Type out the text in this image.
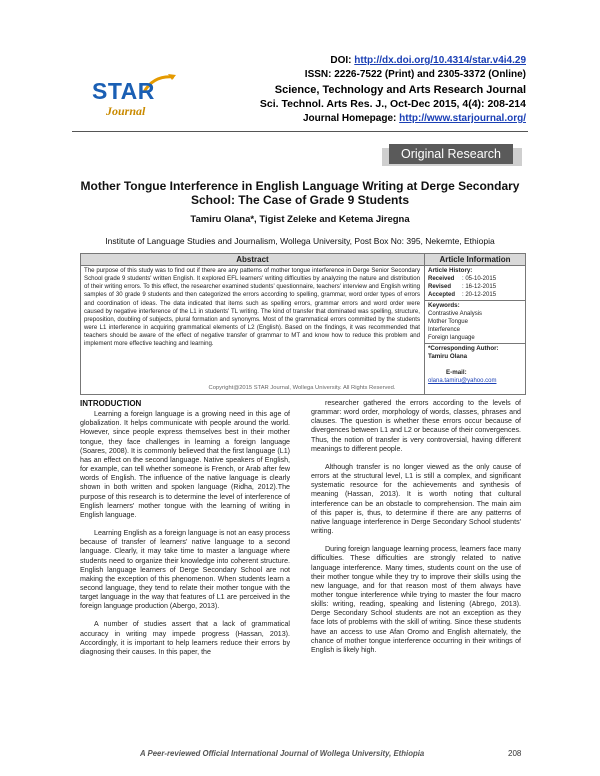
STAR
Journal
DOI: http://dx.doi.org/10.4314/star.v4i4.29
ISSN: 2226-7522 (Print) and 2305-3372 (Online)
Science, Technology and Arts Research Journal
Sci. Technol. Arts Res. J., Oct-Dec 2015, 4(4): 208-214
Journal Homepage: http://www.starjournal.org/
Original Research
Mother Tongue Interference in English Language Writing at Derge Secondary School: The Case of Grade 9 Students
Tamiru Olana*, Tigist Zeleke and Ketema Jiregna
Institute of Language Studies and Journalism, Wollega University, Post Box No: 395, Nekemte, Ethiopia
Abstract	Article Information
The purpose of this study was to find out if there are any patterns of mother tongue interference in Derge Senior Secondary School grade 9 students' written English. It explored EFL learners' writing difficulties by analyzing the nature and distribution of their writing errors. To this effect, the researcher examined students' questionnaire, teachers' interview and English writing samples of 30 grade 9 students and then categorized the errors according to spelling, grammar, word order types of errors and coordination of ideas. The data indicated that items such as spelling errors, grammar errors and word order were caused by negative interference of the L1 in students' TL writing. The kind of transfer that dominated was spelling, structure, preposition, doubling of subjects, plural formation and synonyms. Most of the grammatical errors committed by the students were L1 interference in acquiring grammatical elements of L2 (English). Based on the findings, it was recommended that teachers should be aware of the effect of negative transfer of grammar to MT and know how to reduce this problem and implement more effective teaching and learning.
Article History:
Received : 05-10-2015
Revised : 16-12-2015
Accepted : 20-12-2015
Keywords:
Contrastive Analysis
Mother Tongue
Interference
Foreign language
*Corresponding Author:
Tamiru Olana
E-mail:
olana.tamiru@yahoo.com
Copyright@2015 STAR Journal, Wollega University. All Rights Reserved.
INTRODUCTION

Learning a foreign language is a growing need in this age of globalization. It helps communicate with people around the world. However, since people express themselves best in their mother tongue, they face challenges in learning a foreign language (Soares, 2008). It is commonly believed that the first language (L1) has an effect on the second language. Native speakers of English, for example, can tell whether someone is French, or Arab after few words of English. The influence of the native language is clearly shown in both written and spoken language (Ridha, 2012).The purpose of this research is to determine the level of interference of English learners' mother tongue with the learning of writing in English language.

Learning English as a foreign language is not an easy process because of transfer of learners' native language to a second language. Clearly, it may take time to master a language where students need to organize their knowledge into coherent structure. English language learners of Derge Secondary School are not making the exception of this phenomenon. When students learn a second language, they tend to relate their mother tongue with the target language in the way that features of L1 are perceived in the foreign language production (Abergo, 2013).

A number of studies assert that a lack of grammatical accuracy in writing may impede progress (Hassan, 2013). Accordingly, it is important to help learners reduce their errors by diagnosing their causes. In this paper, the

researcher gathered the errors according to the levels of grammar: word order, morphology of words, classes, phrases and clauses. The question is whether these errors occur because of divergences between L1 and L2 or because of their convergences. Thus, the notion of transfer is very controversial, having different meanings to different people.

Although transfer is no longer viewed as the only cause of errors at the structural level, L1 is still a complex, and significant systematic resource for the achievements and synthesis of meaning (Hassan, 2013). It is worth noting that cultural interference can be an obstacle to comprehension. The main aim of this paper is, thus, to determine if there are any patterns of native language interference in Derge Secondary School students' writing.

During foreign language learning process, learners face many difficulties. These difficulties are strongly related to native language interference. Many times, students count on the use of their mother tongue while they try to improve their skills using the new language, and for that reason most of them always have mother tongue interference while trying to master the four macro skills: writing, reading, speaking and listening (Abrego, 2013). Derge Secondary School students are not an exception as they face lots of problems with the skill of writing. Since these students have an access to use Afan Oromo and English alternately, the chance of mother tongue interference occurring in their writings of English is likely high.

A Peer-reviewed Official International Journal of Wollega University, Ethiopia	208
